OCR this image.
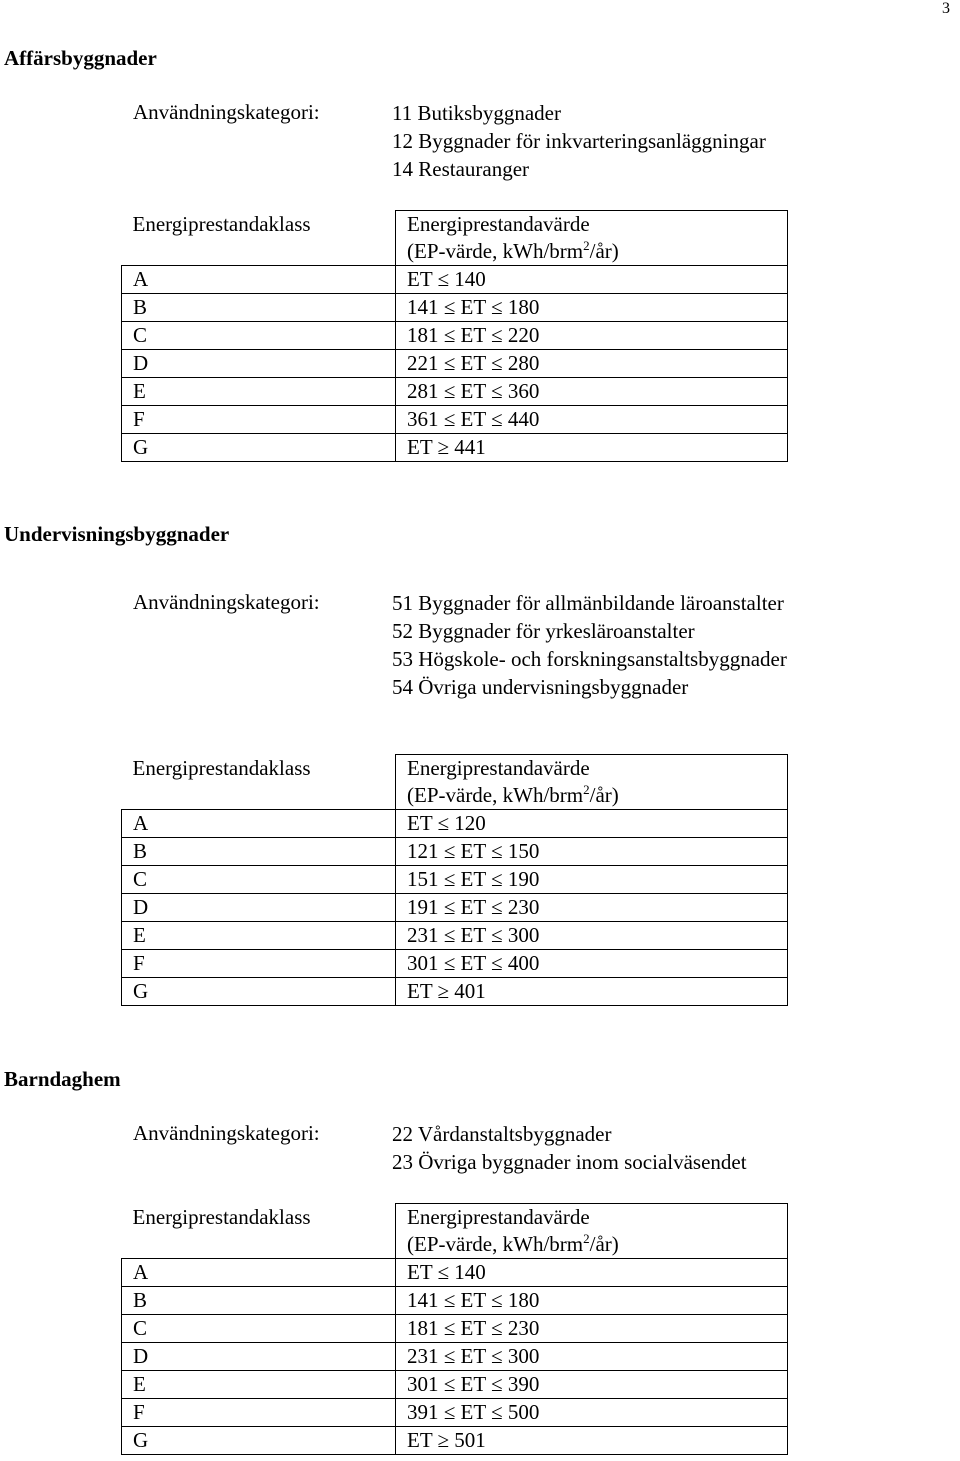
3
Affärsbyggnader
Användningskategori:	11 Butiksbyggnader
12 Byggnader för inkvarteringsanläggningar
14 Restauranger
Energiprestandaklass	Energiprestandavärde
(EP-värde, kWh/brm$^2$/år)

A	ET ≤ 140
B	141 ≤ ET ≤ 180
C	181 ≤ ET ≤ 220
D	221 ≤ ET ≤ 280
E	281 ≤ ET ≤ 360
F	361 ≤ ET ≤ 440
G	ET ≥ 441
Undervisningsbyggnader
Användningskategori:	51 Byggnader för allmänbildande läroanstalter
52 Byggnader för yrkesläroanstalter
53 Högskole- och forskningsanstaltsbyggnader
54 Övriga undervisningsbyggnader
Energiprestandaklass	Energiprestandavärde
(EP-värde, kWh/brm$^2$/år)

A	ET ≤ 120
B	121 ≤ ET ≤ 150
C	151 ≤ ET ≤ 190
D	191 ≤ ET ≤ 230
E	231 ≤ ET ≤ 300
F	301 ≤ ET ≤ 400
G	ET ≥ 401
Barndaghem
Användningskategori:	22 Vårdanstaltsbyggnader
23 Övriga byggnader inom socialväsendet
Energiprestandaklass	Energiprestandavärde
(EP-värde, kWh/brm$^2$/år)

A	ET ≤ 140
B	141 ≤ ET ≤ 180
C	181 ≤ ET ≤ 230
D	231 ≤ ET ≤ 300
E	301 ≤ ET ≤ 390
F	391 ≤ ET ≤ 500
G	ET ≥ 501
